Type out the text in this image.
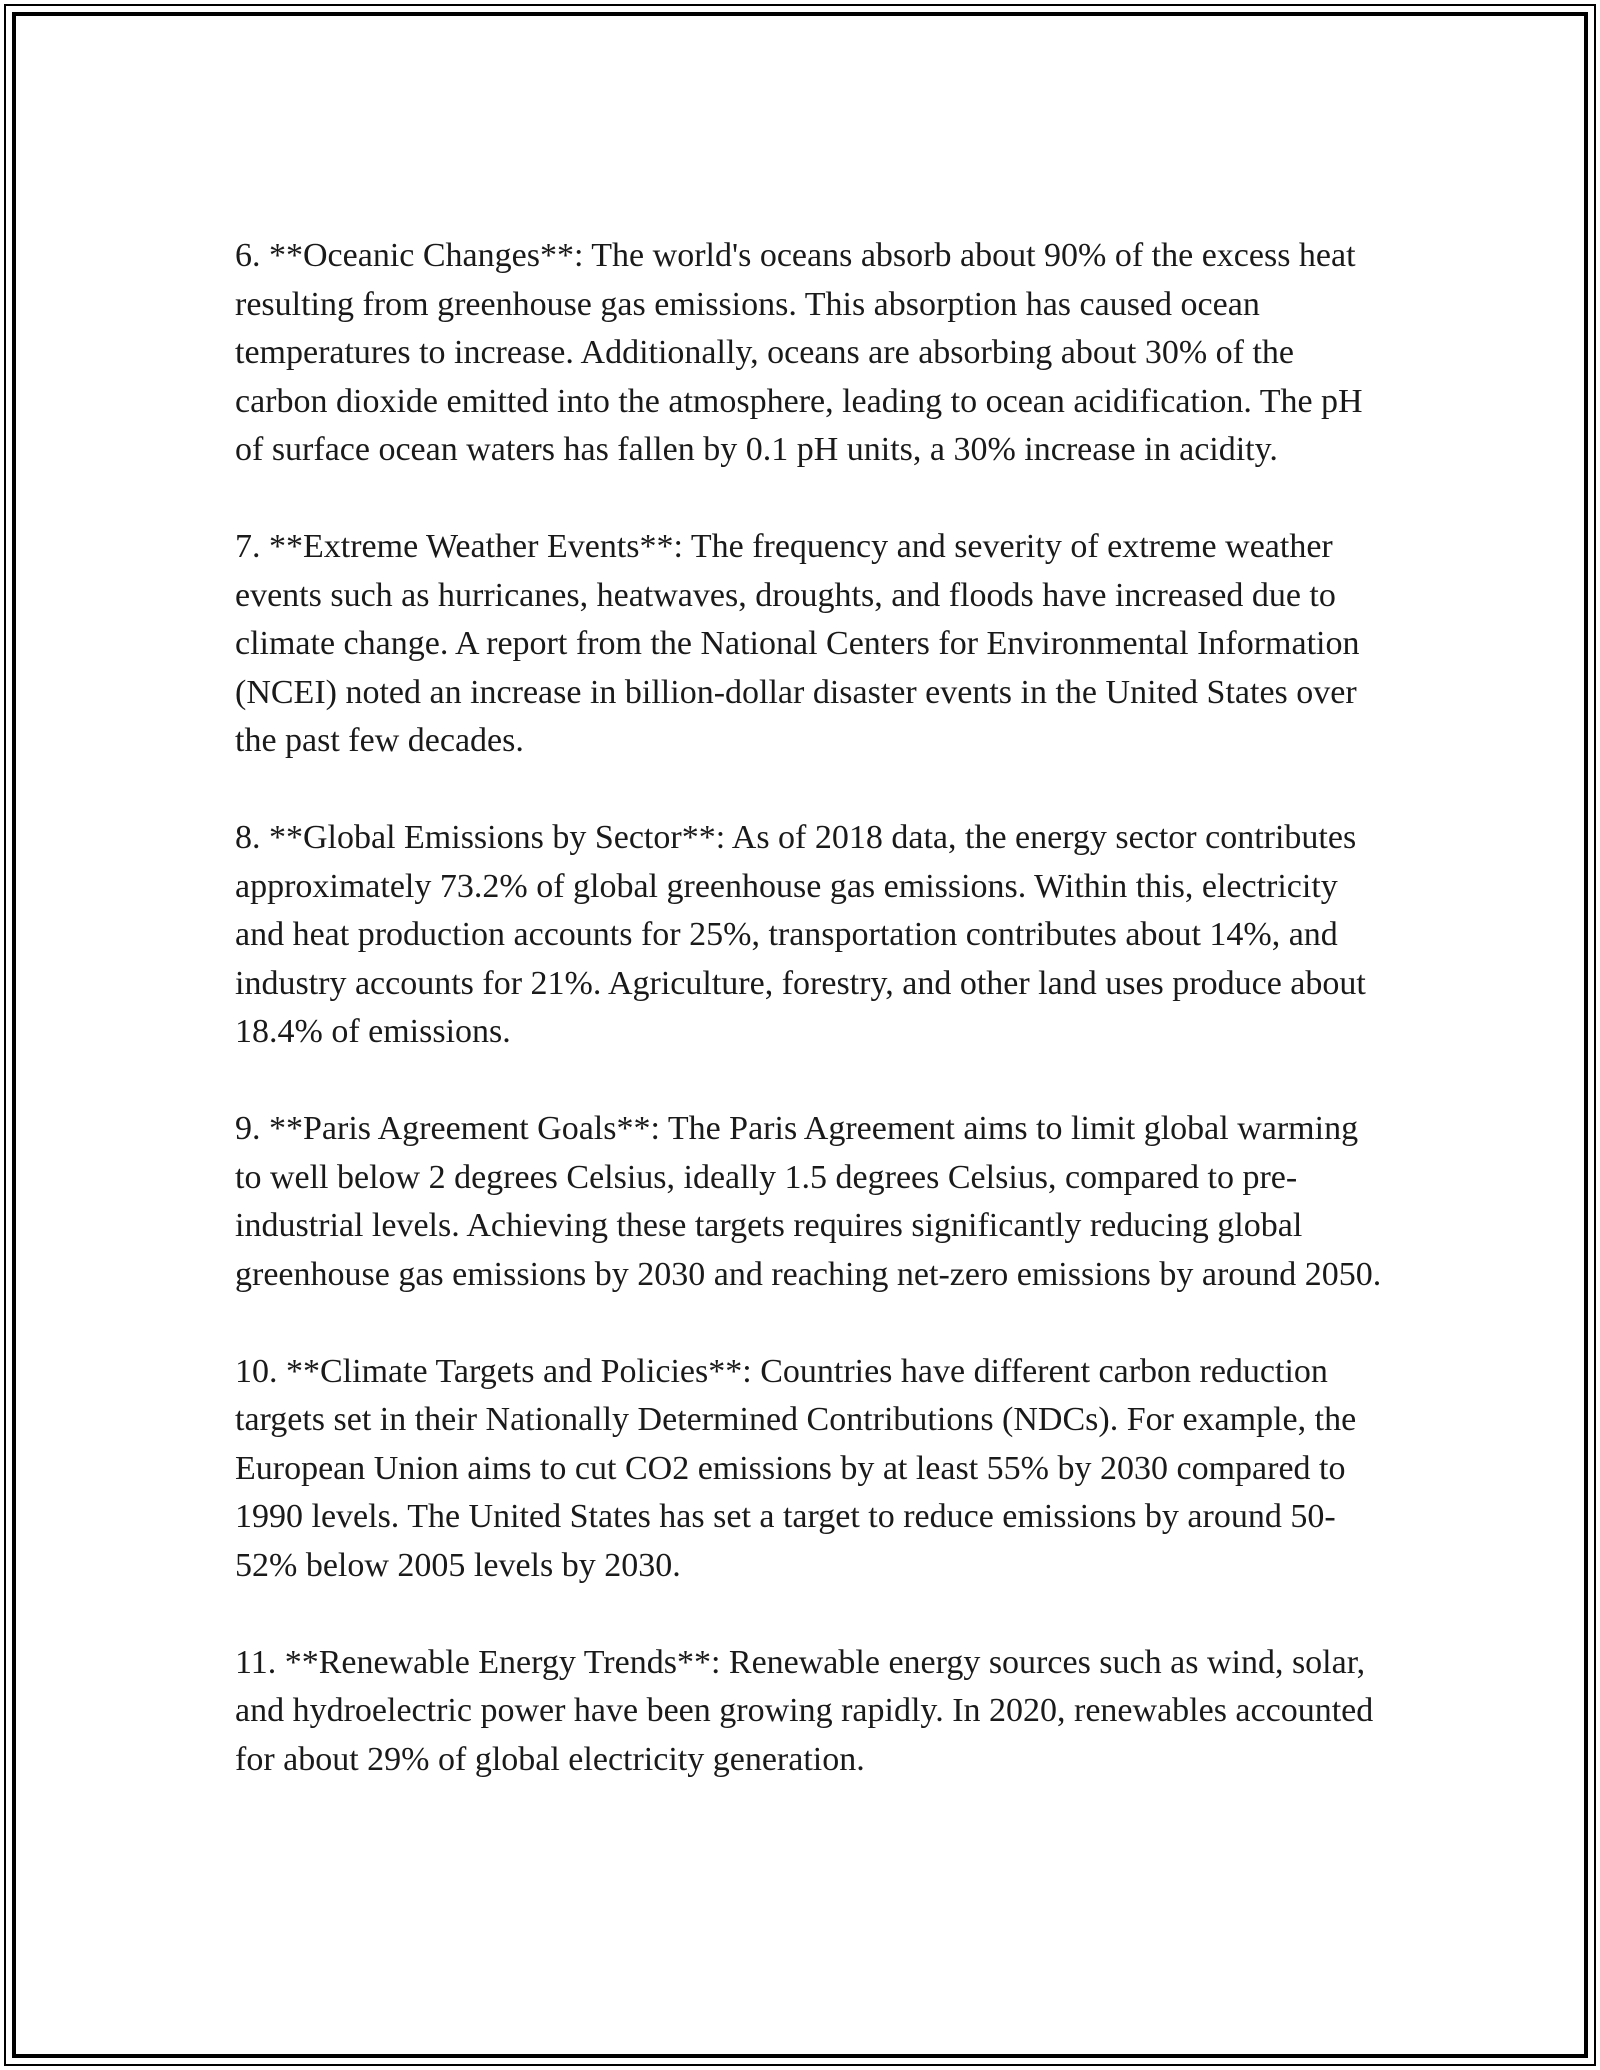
6. **Oceanic Changes**: The world's oceans absorb about 90% of the excess heat resulting from greenhouse gas emissions. This absorption has caused ocean temperatures to increase. Additionally, oceans are absorbing about 30% of the carbon dioxide emitted into the atmosphere, leading to ocean acidification. The pH of surface ocean waters has fallen by 0.1 pH units, a 30% increase in acidity.

7. **Extreme Weather Events**: The frequency and severity of extreme weather events such as hurricanes, heatwaves, droughts, and floods have increased due to climate change. A report from the National Centers for Environmental Information (NCEI) noted an increase in billion-dollar disaster events in the United States over the past few decades.

8. **Global Emissions by Sector**: As of 2018 data, the energy sector contributes approximately 73.2% of global greenhouse gas emissions. Within this, electricity and heat production accounts for 25%, transportation contributes about 14%, and industry accounts for 21%. Agriculture, forestry, and other land uses produce about 18.4% of emissions.

9. **Paris Agreement Goals**: The Paris Agreement aims to limit global warming to well below 2 degrees Celsius, ideally 1.5 degrees Celsius, compared to pre-industrial levels. Achieving these targets requires significantly reducing global greenhouse gas emissions by 2030 and reaching net-zero emissions by around 2050.

10. **Climate Targets and Policies**: Countries have different carbon reduction targets set in their Nationally Determined Contributions (NDCs). For example, the European Union aims to cut CO2 emissions by at least 55% by 2030 compared to 1990 levels. The United States has set a target to reduce emissions by around 50-52% below 2005 levels by 2030.

11. **Renewable Energy Trends**: Renewable energy sources such as wind, solar, and hydroelectric power have been growing rapidly. In 2020, renewables accounted for about 29% of global electricity generation.
